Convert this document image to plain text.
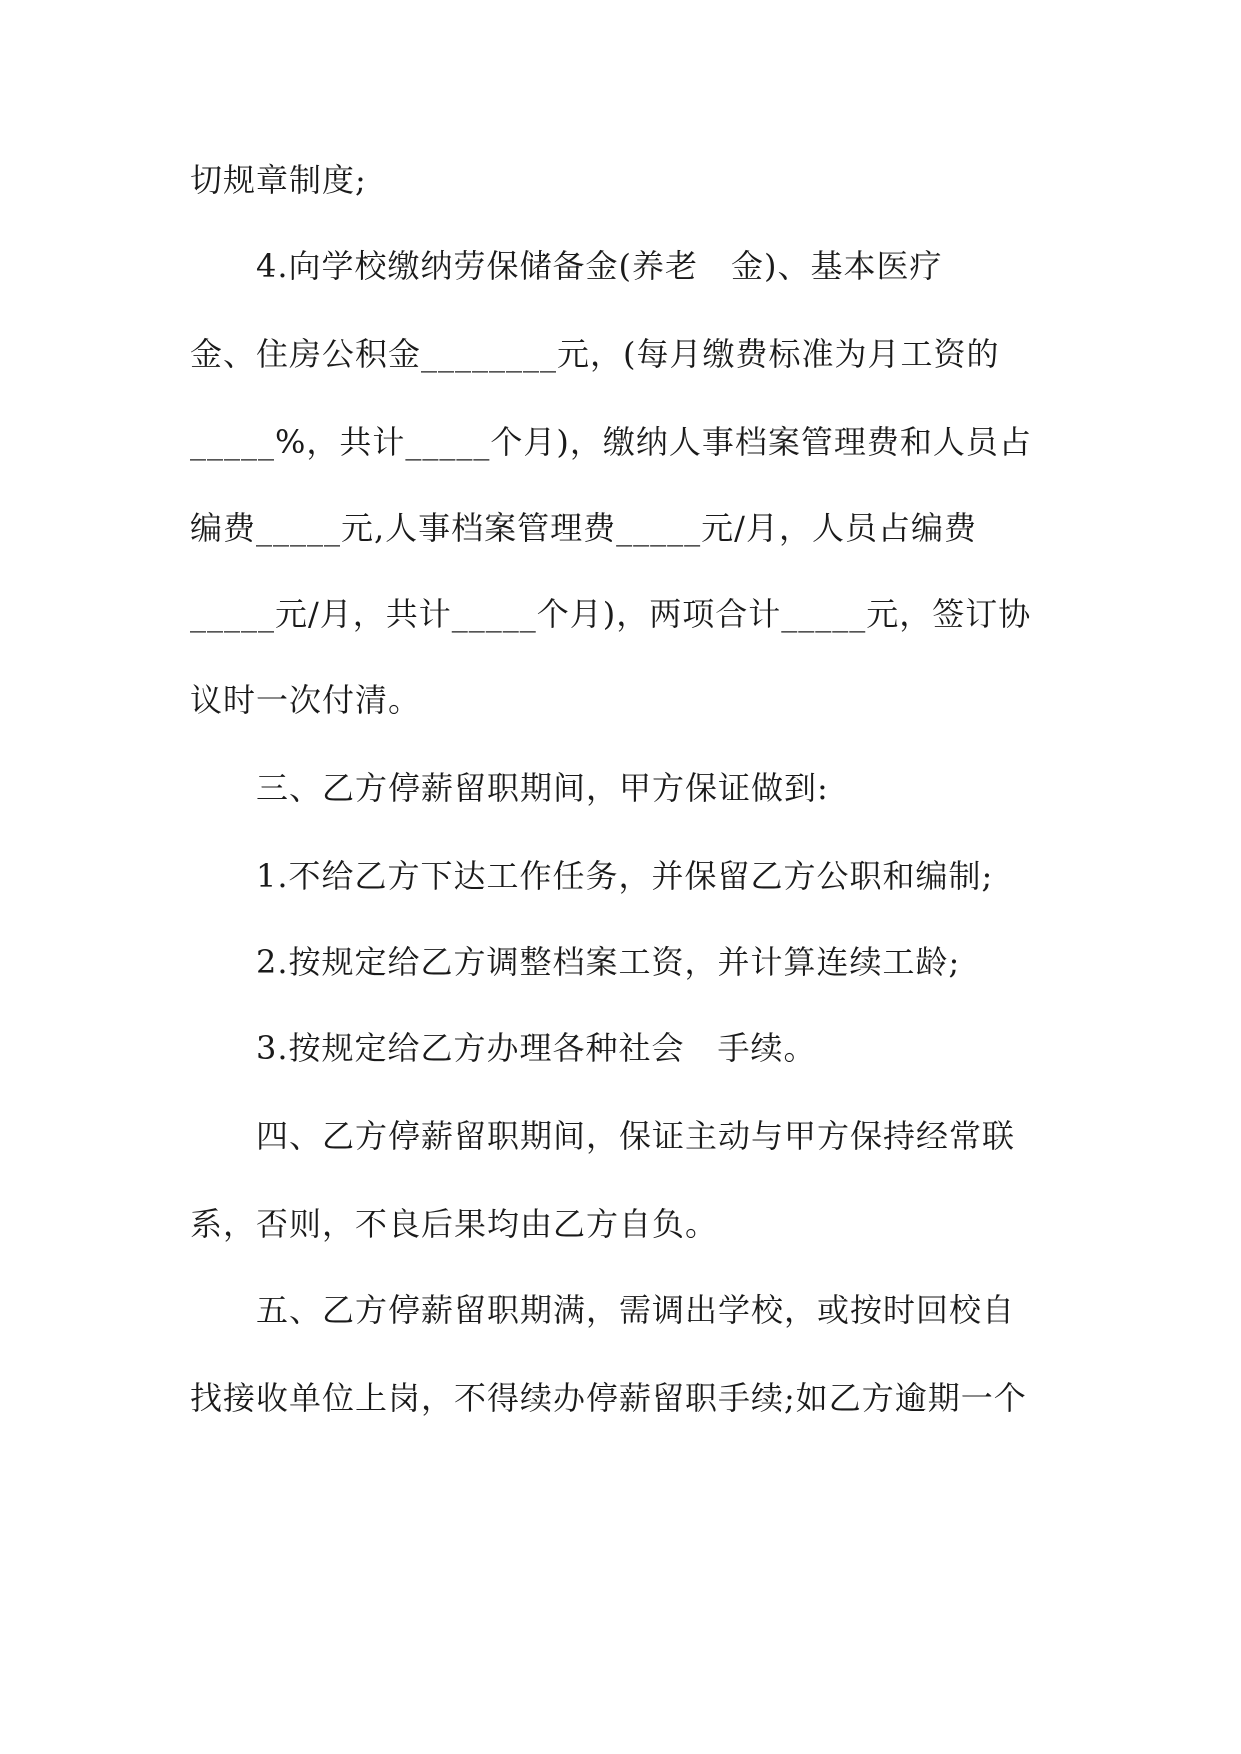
切规章制度;
4.向学校缴纳劳保储备金(养老　金)、基本医疗
金、住房公积金________元，(每月缴费标准为月工资的
_____%，共计_____个月)，缴纳人事档案管理费和人员占
编费_____元,人事档案管理费_____元/月，人员占编费
_____元/月，共计_____个月)，两项合计_____元，签订协
议时一次付清。
三、乙方停薪留职期间，甲方保证做到:
1.不给乙方下达工作任务，并保留乙方公职和编制;
2.按规定给乙方调整档案工资，并计算连续工龄;
3.按规定给乙方办理各种社会　手续。
四、乙方停薪留职期间，保证主动与甲方保持经常联
系，否则，不良后果均由乙方自负。
五、乙方停薪留职期满，需调出学校，或按时回校自
找接收单位上岗，不得续办停薪留职手续;如乙方逾期一个
